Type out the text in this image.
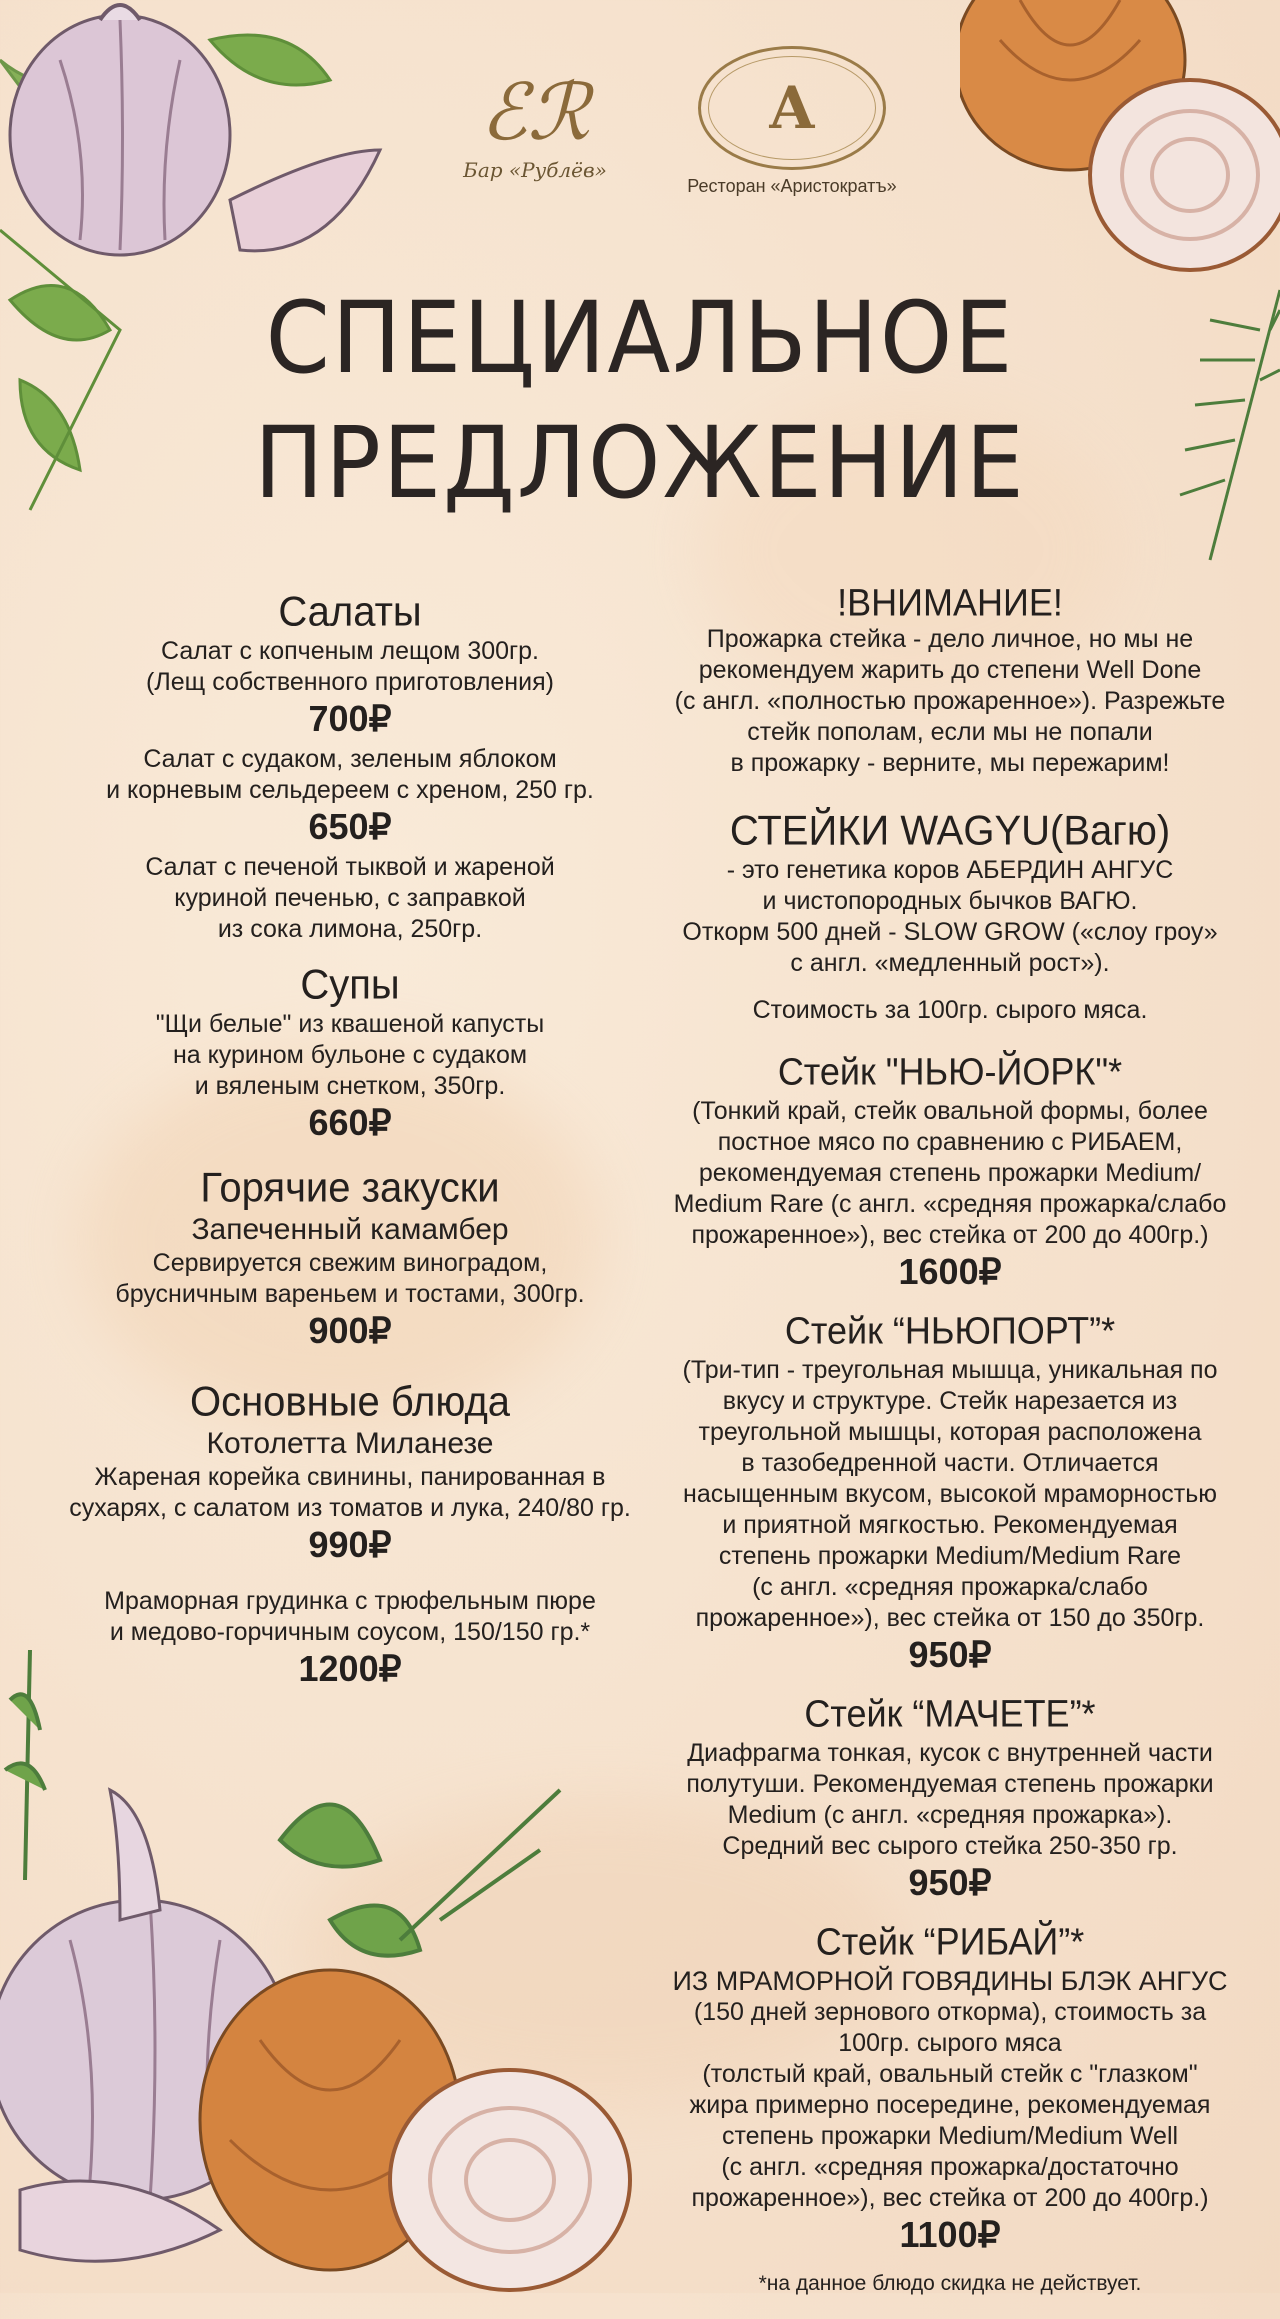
ℰℛ
Бар «Рублёв»
А
Ресторан «Аристократъ»
СПЕЦИАЛЬНОЕ
ПРЕДЛОЖЕНИЕ
Салаты

Салат с копченым лещом 300гр.
(Лещ собственного приготовления)

700₽

Салат с судаком, зеленым яблоком
и корневым сельдереем с хреном, 250 гр.

650₽

Салат с печеной тыквой и жареной
куриной печенью, с заправкой
из сока лимона, 250гр.

Супы

"Щи белые" из квашеной капусты
на курином бульоне с судаком
и вяленым снетком, 350гр.

660₽

Горячие закуски

Запеченный камамбер

Сервируется свежим виноградом,
брусничным вареньем и тостами, 300гр.

900₽

Основные блюда

Котолетта Миланезе

Жареная корейка свинины, панированная в
сухарях, с салатом из томатов и лука, 240/80 гр.

990₽

Мраморная грудинка с трюфельным пюре
и медово-горчичным соусом, 150/150 гр.*

1200₽

!ВНИМАНИЕ!

Прожарка стейка - дело личное, но мы не
рекомендуем жарить до степени Well Done
(с англ. «полностью прожаренное»). Разрежьте
стейк пополам, если мы не попали
в прожарку - верните, мы пережарим!

СТЕЙКИ WAGYU(Вагю)

- это генетика коров АБЕРДИН АНГУС
и чистопородных бычков ВАГЮ.
Откорм 500 дней - SLOW GROW («слоу гроу»
с англ. «медленный рост»).

Стоимость за 100гр. сырого мяса.

Стейк "НЬЮ-ЙОРК"*

(Тонкий край, стейк овальной формы, более
постное мясо по сравнению с РИБАЕМ,
рекомендуемая степень прожарки Medium/
Medium Rare (с англ. «средняя прожарка/слабо
прожаренное»), вес стейка от 200 до 400гр.)

1600₽

Стейк “НЬЮПОРТ”*

(Три-тип - треугольная мышца, уникальная по
вкусу и структуре. Стейк нарезается из
треугольной мышцы, которая расположена
в тазобедренной части. Отличается
насыщенным вкусом, высокой мраморностью
и приятной мягкостью. Рекомендуемая
степень прожарки Medium/Medium Rare
(с англ. «средняя прожарка/слабо
прожаренное»), вес стейка от 150 до 350гр.

950₽

Стейк “МАЧЕТЕ”*

Диафрагма тонкая, кусок с внутренней части
полутуши. Рекомендуемая степень прожарки
Medium (с англ. «средняя прожарка»).
Средний вес сырого стейка 250-350 гр.

950₽

Стейк “РИБАЙ”*

ИЗ МРАМОРНОЙ ГОВЯДИНЫ БЛЭК АНГУС

(150 дней зернового откорма), стоимость за
100гр. сырого мяса
(толстый край, овальный стейк с "глазком"
жира примерно посередине, рекомендуемая
степень прожарки Medium/Medium Well
(с англ. «средняя прожарка/достаточно
прожаренное»), вес стейка от 200 до 400гр.)

1100₽

*на данное блюдо скидка не действует.
